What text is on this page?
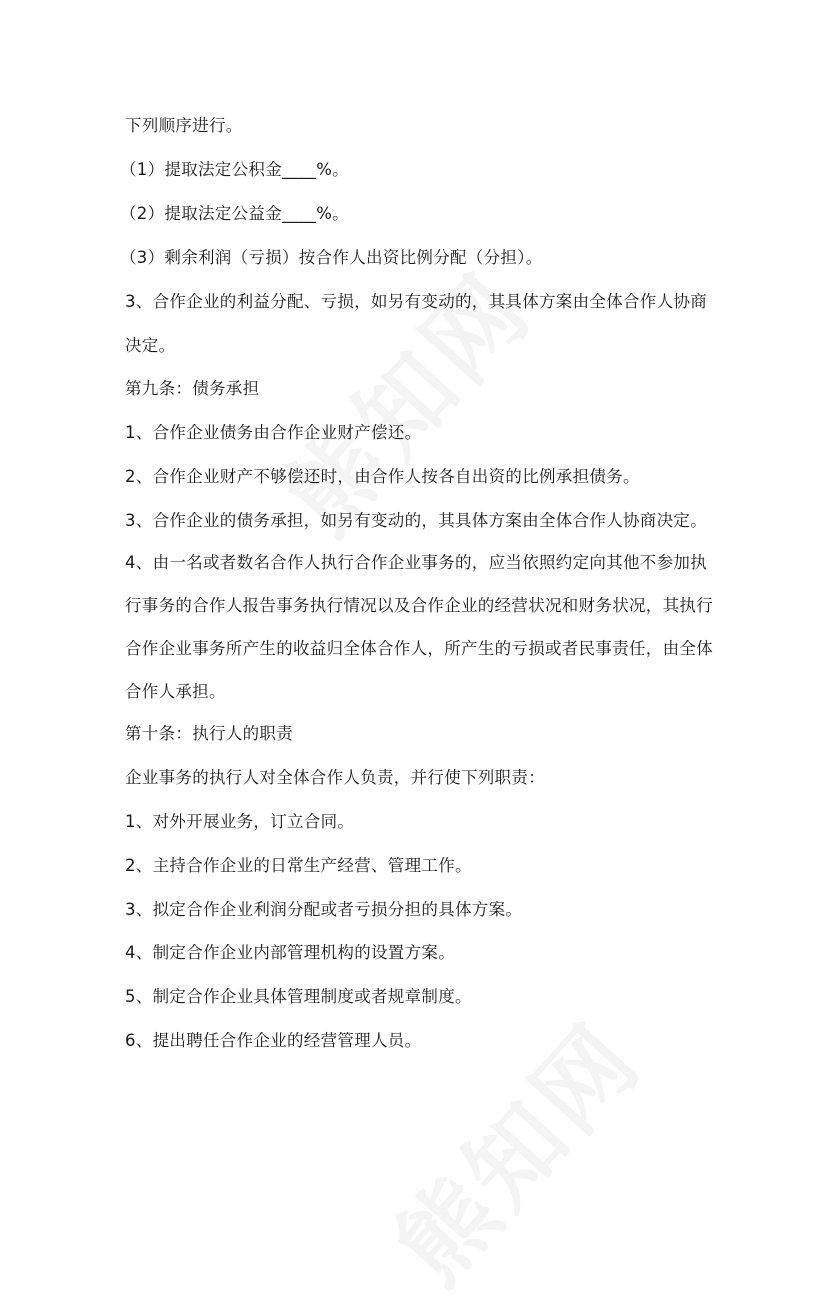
下列顺序进行。
（1）提取法定公积金____%。
（2）提取法定公益金____%。
（3）剩余利润（亏损）按合作人出资比例分配（分担）。
3、合作企业的利益分配、亏损，如另有变动的，其具体方案由全体合作人协商
决定。
第九条：债务承担
1、合作企业债务由合作企业财产偿还。
2、合作企业财产不够偿还时，由合作人按各自出资的比例承担债务。
3、合作企业的债务承担，如另有变动的，其具体方案由全体合作人协商决定。
4、由一名或者数名合作人执行合作企业事务的，应当依照约定向其他不参加执
行事务的合作人报告事务执行情况以及合作企业的经营状况和财务状况，其执行
合作企业事务所产生的收益归全体合作人，所产生的亏损或者民事责任，由全体
合作人承担。
第十条：执行人的职责
企业事务的执行人对全体合作人负责，并行使下列职责：
1、对外开展业务，订立合同。
2、主持合作企业的日常生产经营、管理工作。
3、拟定合作企业利润分配或者亏损分担的具体方案。
4、制定合作企业内部管理机构的设置方案。
5、制定合作企业具体管理制度或者规章制度。
6、提出聘任合作企业的经营管理人员。
